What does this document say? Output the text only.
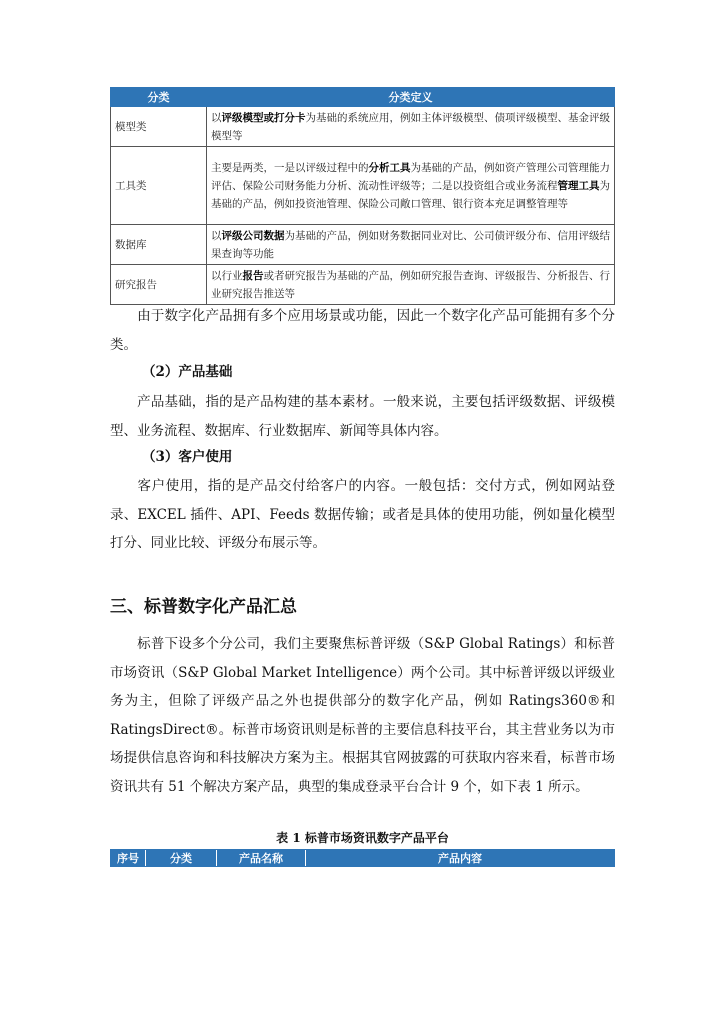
分类	分类定义
模型类	以评级模型或打分卡为基础的系统应用，例如主体评级模型、债项评级模型、基金评级模型等
工具类	主要是两类，一是以评级过程中的分析工具为基础的产品，例如资产管理公司管理能力评估、保险公司财务能力分析、流动性评级等；二是以投资组合或业务流程管理工具为基础的产品，例如投资池管理、保险公司敞口管理、银行资本充足调整管理等
数据库	以评级公司数据为基础的产品，例如财务数据同业对比、公司债评级分布、信用评级结果查询等功能
研究报告	以行业报告或者研究报告为基础的产品，例如研究报告查询、评级报告、分析报告、行业研究报告推送等

由于数字化产品拥有多个应用场景或功能，因此一个数字化产品可能拥有多个分类。

（2）产品基础

产品基础，指的是产品构建的基本素材。一般来说，主要包括评级数据、评级模型、业务流程、数据库、行业数据库、新闻等具体内容。

（3）客户使用

客户使用，指的是产品交付给客户的内容。一般包括：交付方式，例如网站登录、EXCEL 插件、API、Feeds 数据传输；或者是具体的使用功能，例如量化模型打分、同业比较、评级分布展示等。

三、标普数字化产品汇总

标普下设多个分公司，我们主要聚焦标普评级（S&P Global Ratings）和标普市场资讯（S&P Global Market Intelligence）两个公司。其中标普评级以评级业务为主，但除了评级产品之外也提供部分的数字化产品，例如 Ratings360®和RatingsDirect®。标普市场资讯则是标普的主要信息科技平台，其主营业务以为市场提供信息咨询和科技解决方案为主。根据其官网披露的可获取内容来看，标普市场资讯共有 51 个解决方案产品，典型的集成登录平台合计 9 个，如下表 1 所示。

表 1 标普市场资讯数字产品平台

序号	分类	产品名称	产品内容
